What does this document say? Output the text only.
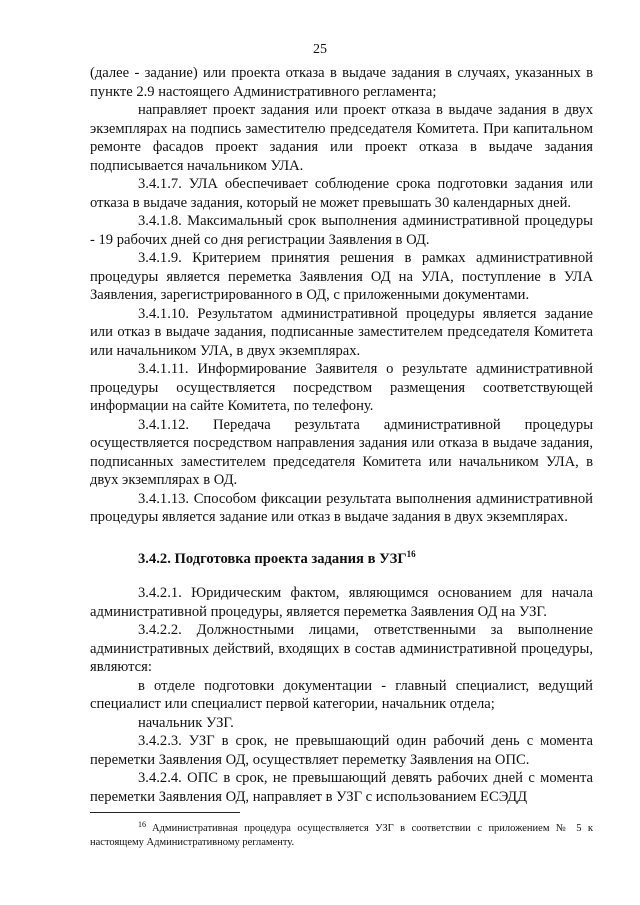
25

(далее - задание) или проекта отказа в выдаче задания в случаях, указанных в пункте 2.9 настоящего Административного регламента;

направляет проект задания или проект отказа в выдаче задания в двух экземплярах на подпись заместителю председателя Комитета. При капитальном ремонте фасадов проект задания или проект отказа в выдаче задания подписывается начальником УЛА.

3.4.1.7. УЛА обеспечивает соблюдение срока подготовки задания или отказа в выдаче задания, который не может превышать 30 календарных дней.

3.4.1.8. Максимальный срок выполнения административной процедуры - 19 рабочих дней со дня регистрации Заявления в ОД.

3.4.1.9. Критерием принятия решения в рамках административной процедуры является переметка Заявления ОД на УЛА, поступление в УЛА Заявления, зарегистрированного в ОД, с приложенными документами.

3.4.1.10. Результатом административной процедуры является задание или отказ в выдаче задания, подписанные заместителем председателя Комитета или начальником УЛА, в двух экземплярах.

3.4.1.11. Информирование Заявителя о результате административной процедуры осуществляется посредством размещения соответствующей информации на сайте Комитета, по телефону.

3.4.1.12. Передача результата административной процедуры осуществляется посредством направления задания или отказа в выдаче задания, подписанных заместителем председателя Комитета или начальником УЛА, в двух экземплярах в ОД.

3.4.1.13. Способом фиксации результата выполнения административной процедуры является задание или отказ в выдаче задания в двух экземплярах.

3.4.2. Подготовка проекта задания в УЗГ$^{16}$

3.4.2.1. Юридическим фактом, являющимся основанием для начала административной процедуры, является переметка Заявления ОД на УЗГ.

3.4.2.2. Должностными лицами, ответственными за выполнение административных действий, входящих в состав административной процедуры, являются:

в отделе подготовки документации - главный специалист, ведущий специалист или специалист первой категории, начальник отдела;

начальник УЗГ.

3.4.2.3. УЗГ в срок, не превышающий один рабочий день с момента переметки Заявления ОД, осуществляет переметку Заявления на ОПС.

3.4.2.4. ОПС в срок, не превышающий девять рабочих дней с момента переметки Заявления ОД, направляет в УЗГ с использованием ЕСЭДД

$^{16}$ Административная процедура осуществляется УЗГ в соответствии с приложением № 5 к настоящему Административному регламенту.
